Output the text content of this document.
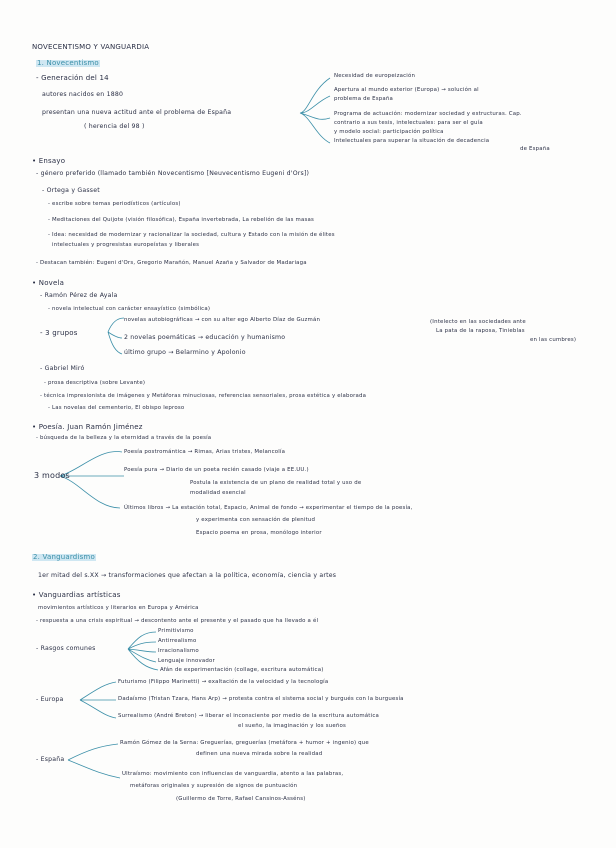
NOVECENTISMO Y VANGUARDIA
1. Novecentismo
- Generación del 14
autores nacidos en 1880
presentan una nueva actitud ante el problema de España
( herencia del 98 )
Necesidad de europeización
Apertura al mundo exterior (Europa) → solución al
problema de España
Programa de actuación: modernizar sociedad y estructuras. Cap.
contrario a sus tesis, intelectuales: para ser el guía
y modelo social: participación política
Intelectuales para superar la situación de decadencia
de España
• Ensayo
- género preferido (llamado también Novecentismo [Neuvecentismo Eugeni d'Ors])
- Ortega y Gasset
- escribe sobre temas periodísticos (artículos)
- Meditaciones del Quijote (visión filosófica), España invertebrada, La rebelión de las masas
- Idea: necesidad de modernizar y racionalizar la sociedad, cultura y Estado con la misión de élites
intelectuales y progresistas europeístas y liberales
- Destacan también: Eugeni d'Ors, Gregorio Marañón, Manuel Azaña y Salvador de Madariaga
• Novela
- Ramón Pérez de Ayala
- novela intelectual con carácter ensayístico (simbólica)
novelas autobiográficas → con su alter ego Alberto Díaz de Guzmán	(Intelecto en las sociedades ante
La pata de la raposa, Tinieblas
en las cumbres)
- 3 grupos
2 novelas poemáticas → educación y humanismo
último grupo → Belarmino y Apolonio
- Gabriel Miró
- prosa descriptiva (sobre Levante)
- técnica impresionista de imágenes y Metáforas minuciosas, referencias sensoriales, prosa estética y elaborada
- Las novelas del cementerio, El obispo leproso
• Poesía. Juan Ramón Jiménez
- búsqueda de la belleza y la eternidad a través de la poesía
3 modos
Poesía postromántica → Rimas, Arias tristes, Melancolía
Poesía pura → Diario de un poeta recién casado (viaje a EE.UU.)
Postula la existencia de un plano de realidad total y uso de
modalidad esencial
Últimos libros → La estación total, Espacio, Animal de fondo → experimentar el tiempo de la poesía,
y experimenta con sensación de plenitud
Espacio poema en prosa, monólogo interior
2. Vanguardismo
1er mitad del s.XX → transformaciones que afectan a la política, economía, ciencia y artes
• Vanguardias artísticas
movimientos artísticos y literarios en Europa y América
- respuesta a una crisis espiritual → descontento ante el presente y el pasado que ha llevado a él
- Rasgos comunes
Primitivismo
Antirrealismo
Irracionalismo
Lenguaje innovador
Afán de experimentación (collage, escritura automática)
- Europa
Futurismo (Filippo Marinetti) → exaltación de la velocidad y la tecnología
Dadaísmo (Tristan Tzara, Hans Arp) → protesta contra el sistema social y burgués con la burguesía
Surrealismo (André Breton) → liberar el inconsciente por medio de la escritura automática
el sueño, la imaginación y los sueños
- España
Ramón Gómez de la Serna: Greguerías, greguerías (metáfora + humor + ingenio) que
definen una nueva mirada sobre la realidad
Ultraísmo: movimiento con influencias de vanguardia, atento a las palabras,
metáforas originales y supresión de signos de puntuación
(Guillermo de Torre, Rafael Cansinos-Asséns)
